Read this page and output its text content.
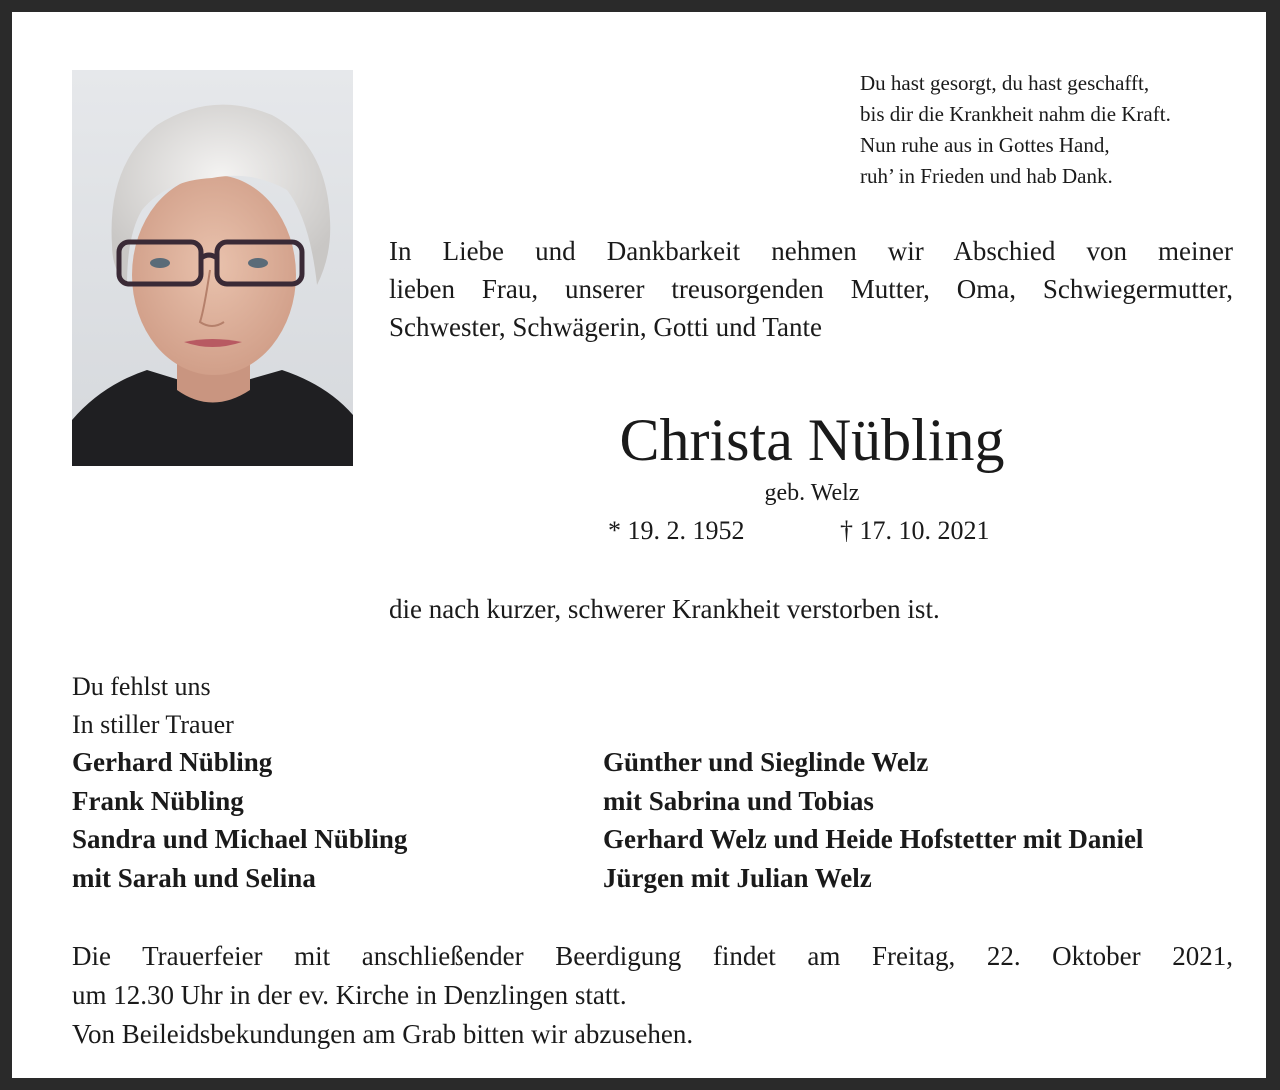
Du hast gesorgt, du hast geschafft,
bis dir die Krankheit nahm die Kraft.
Nun ruhe aus in Gottes Hand,
ruh’ in Frieden und hab Dank.
In Liebe und Dankbarkeit nehmen wir Abschied von meiner
lieben Frau, unserer treusorgenden Mutter, Oma, Schwiegermutter,
Schwester, Schwägerin, Gotti und Tante
Christa Nübling
geb. Welz
* 19. 2. 1952	† 17. 10. 2021
die nach kurzer, schwerer Krankheit verstorben ist.
Du fehlst uns
In stiller Trauer
Gerhard Nübling
Frank Nübling
Sandra und Michael Nübling
mit Sarah und Selina
Günther und Sieglinde Welz
mit Sabrina und Tobias
Gerhard Welz und Heide Hofstetter mit Daniel
Jürgen mit Julian Welz
Die Trauerfeier mit anschließender Beerdigung findet am Freitag, 22. Oktober 2021,
um 12.30 Uhr in der ev. Kirche in Denzlingen statt.
Von Beileidsbekundungen am Grab bitten wir abzusehen.
